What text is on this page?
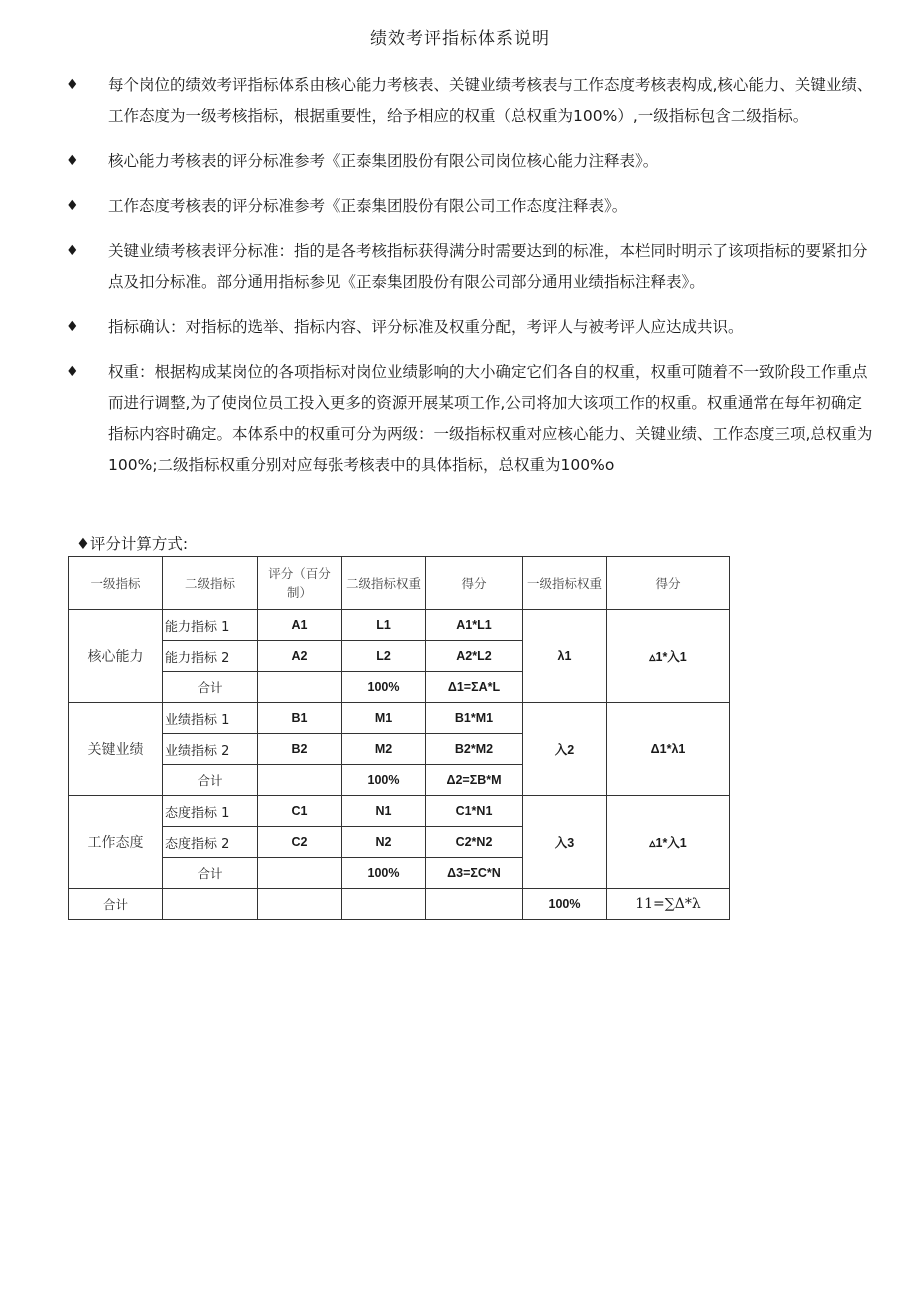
绩效考评指标体系说明
♦ 每个岗位的绩效考评指标体系由核心能力考核表、关键业绩考核表与工作态度考核表构成,核心能力、关键业绩、工作态度为一级考核指标，根据重要性，给予相应的权重（总权重为100%）,一级指标包含二级指标。
♦ 核心能力考核表的评分标准参考《正泰集团股份有限公司岗位核心能力注释表》。
♦ 工作态度考核表的评分标准参考《正泰集团股份有限公司工作态度注释表》。
♦ 关键业绩考核表评分标准：指的是各考核指标获得满分时需要达到的标准，本栏同时明示了该项指标的要紧扣分点及扣分标准。部分通用指标参见《正泰集团股份有限公司部分通用业绩指标注释表》。
♦ 指标确认：对指标的选举、指标内容、评分标准及权重分配，考评人与被考评人应达成共识。
♦ 权重：根据构成某岗位的各项指标对岗位业绩影响的大小确定它们各自的权重，权重可随着不一致阶段工作重点而进行调整,为了使岗位员工投入更多的资源开展某项工作,公司将加大该项工作的权重。权重通常在每年初确定指标内容时确定。本体系中的权重可分为两级：一级指标权重对应核心能力、关键业绩、工作态度三项,总权重为100%;二级指标权重分别对应每张考核表中的具体指标，总权重为100%o
♦评分计算方式:
一级指标	二级指标	评分（百分制）	二级指标权重	得分	一级指标权重	得分
核心能力	能力指标 1	A1	L1	A1*L1	λ1	▵1*入1
	能力指标 2	A2	L2	A2*L2		
	合计		100%	Δ1=ΣA*L		
关键业绩	业绩指标 1	B1	M1	B1*M1	入2	Δ1*λ1
	业绩指标 2	B2	M2	B2*M2		
	合计		100%	Δ2=ΣB*M		
工作态度	态度指标 1	C1	N1	C1*N1	入3	▵1*入1
	态度指标 2	C2	N2	C2*N2		
	合计		100%	Δ3=ΣC*N		
合计					100%	11=∑Δ*λ
